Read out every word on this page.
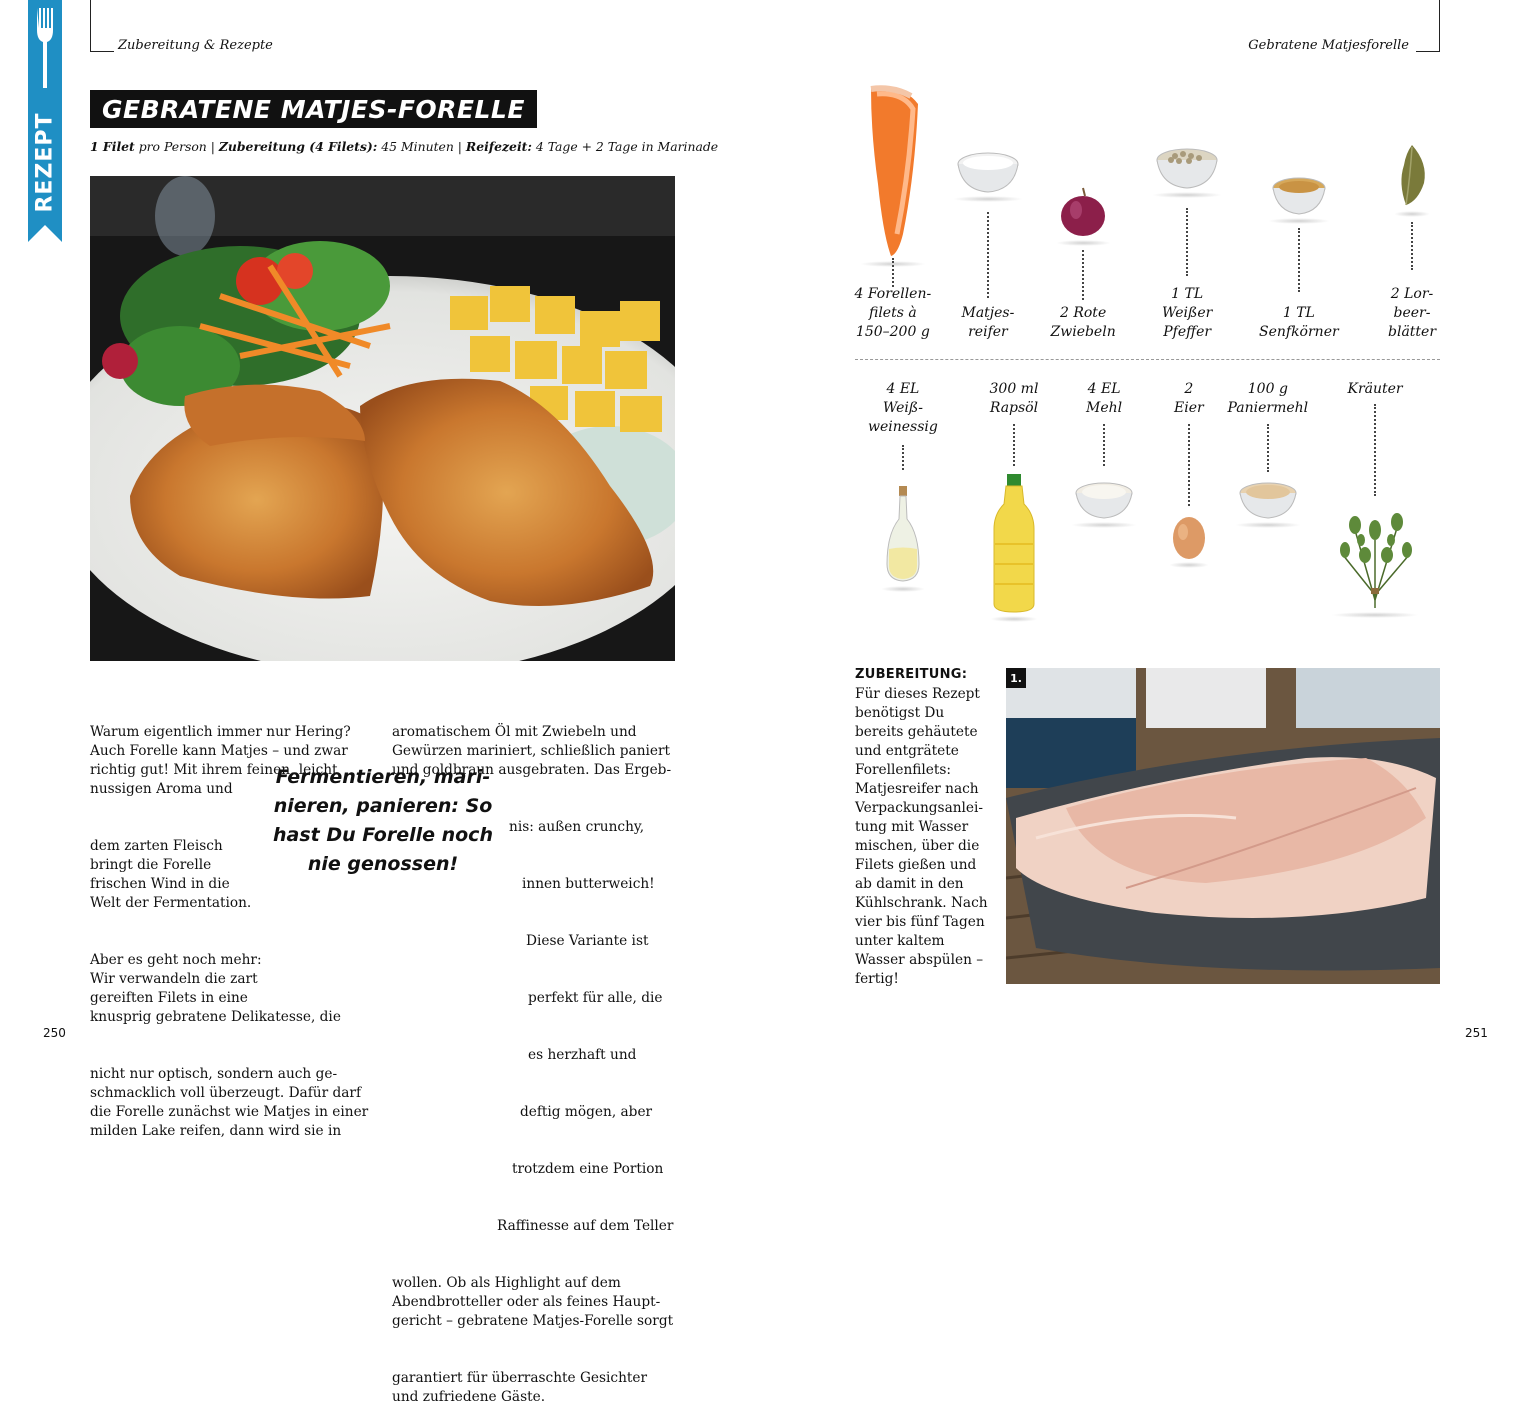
REZEPT
Zubereitung & Rezepte	Gebratene Matjesforelle
GEBRATENE MATJES-FORELLE
1 Filet pro Person | Zubereitung (4 Filets): 45 Minuten | Reifezeit: 4 Tage + 2 Tage in Marinade

Warum eigentlich immer nur Hering?
Auch Forelle kann Matjes – und zwar
richtig gut! Mit ihrem feinen, leicht
nussigen Aroma und

dem zarten Fleisch
bringt die Forelle
frischen Wind in die
Welt der Fermentation.

Aber es geht noch mehr:
Wir verwandeln die zart
gereiften Filets in eine
knusprig gebratene Delikatesse, die

nicht nur optisch, sondern auch ge-
schmacklich voll überzeugt. Dafür darf
die Forelle zunächst wie Matjes in einer
milden Lake reifen, dann wird sie in

aromatischem Öl mit Zwiebeln und
Gewürzen mariniert, schließlich paniert
und goldbraun ausgebraten. Das Ergeb-

nis: außen crunchy,

innen butterweich!

Diese Variante ist

perfekt für alle, die

es herzhaft und

deftig mögen, aber

trotzdem eine Portion

Raffinesse auf dem Teller

wollen. Ob als Highlight auf dem
Abendbrotteller oder als feines Haupt-
gericht – gebratene Matjes-Forelle sorgt

garantiert für überraschte Gesichter
und zufriedene Gäste.

Fermentieren, mari-
nieren, panieren: So
hast Du Forelle noch
nie genossen!
4 Forellen-
filets à
150–200 g
Matjes-
reifer
2 Rote
Zwiebeln
1 TL
Weißer
Pfeffer
1 TL
Senfkörner
2 Lor-
beer-
blätter
4 EL
Weiß-
weinessig
300 ml
Rapsöl
4 EL
Mehl
2
Eier
100 g
Paniermehl
Kräuter
ZUBEREITUNG:
Für dieses Rezept
benötigst Du
bereits gehäutete
und entgrätete
Forellenfilets:
Matjesreifer nach
Verpackungsanlei-
tung mit Wasser
mischen, über die
Filets gießen und
ab damit in den
Kühlschrank. Nach
vier bis fünf Tagen
unter kaltem
Wasser abspülen –
fertig!
1.
250	251
